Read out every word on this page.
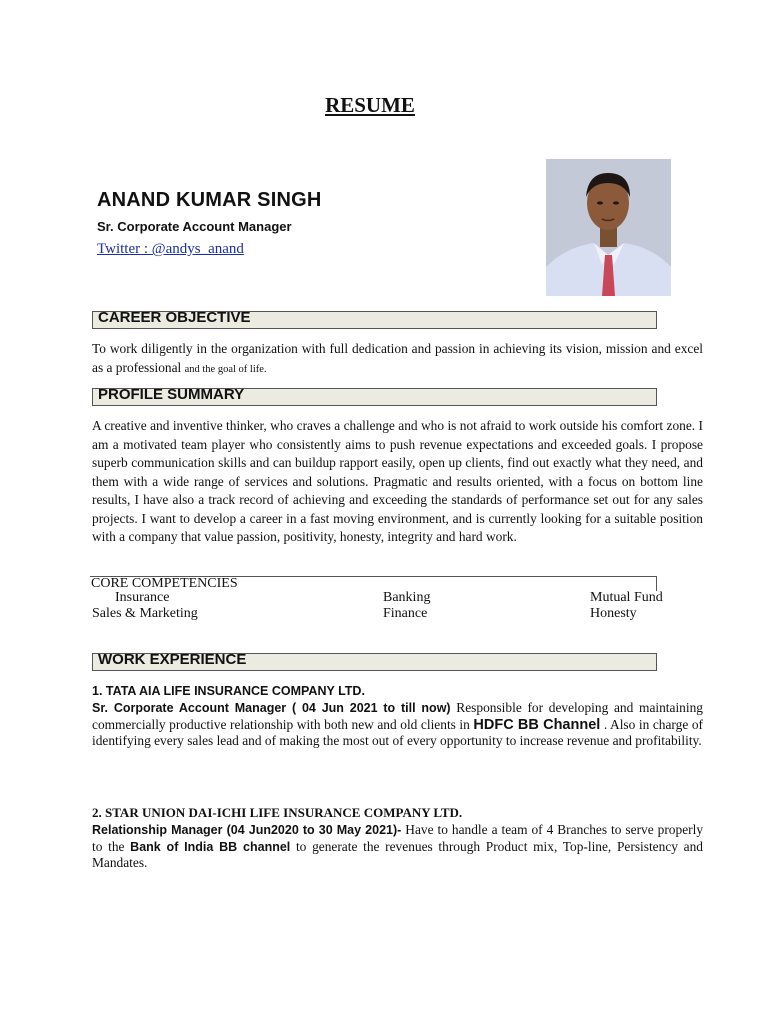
RESUME
ANAND KUMAR SINGH
Sr. Corporate Account Manager
Twitter : @andys_anand
CAREER OBJECTIVE
To work diligently in the organization with full dedication and passion in achieving its vision, mission and excel as a professional and the goal of life.
PROFILE SUMMARY
A creative and inventive thinker, who craves a challenge and who is not afraid to work outside his comfort zone. I am a motivated team player who consistently aims to push revenue expectations and exceeded goals. I propose superb communication skills and can buildup rapport easily, open up clients, find out exactly what they need, and them with a wide range of services and solutions. Pragmatic and results oriented, with a focus on bottom line results, I have also a track record of achieving and exceeding the standards of performance set out for any sales projects. I want to develop a career in a fast moving environment, and is currently looking for a suitable position with a company that value passion, positivity, honesty, integrity and hard work.
CORE COMPETENCIES
Insurance	Banking	Mutual Fund
Sales & Marketing	Finance	Honesty
WORK EXPERIENCE
1. TATA AIA LIFE INSURANCE COMPANY LTD.
Sr. Corporate Account Manager ( 04 Jun 2021 to till now) Responsible for developing and maintaining commercially productive relationship with both new and old clients in HDFC BB Channel . Also in charge of identifying every sales lead and of making the most out of every opportunity to increase revenue and profitability.
2. STAR UNION DAI-ICHI LIFE INSURANCE COMPANY LTD.
Relationship Manager (04 Jun2020 to 30 May 2021)- Have to handle a team of 4 Branches to serve properly to the Bank of India BB channel to generate the revenues through Product mix, Top-line, Persistency and Mandates.
